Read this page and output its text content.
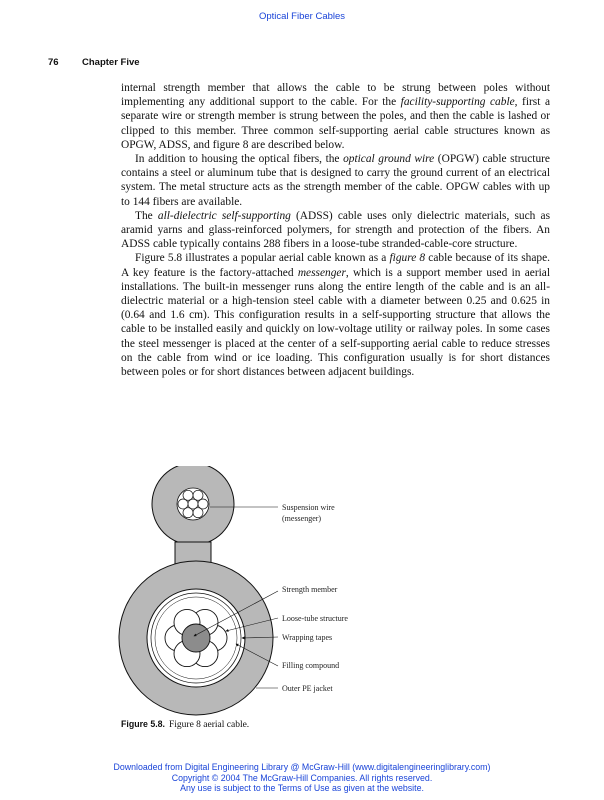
Optical Fiber Cables
76 Chapter Five

internal strength member that allows the cable to be strung between poles without implementing any additional support to the cable. For the facility-supporting cable, first a separate wire or strength member is strung between the poles, and then the cable is lashed or clipped to this member. Three common self-supporting aerial cable structures known as OPGW, ADSS, and figure 8 are described below.

In addition to housing the optical fibers, the optical ground wire (OPGW) cable structure contains a steel or aluminum tube that is designed to carry the ground current of an electrical system. The metal structure acts as the strength member of the cable. OPGW cables with up to 144 fibers are available.

The all-dielectric self-supporting (ADSS) cable uses only dielectric materials, such as aramid yarns and glass-reinforced polymers, for strength and protection of the fibers. An ADSS cable typically contains 288 fibers in a loose-tube stranded-cable-core structure.

Figure 5.8 illustrates a popular aerial cable known as a figure 8 cable because of its shape. A key feature is the factory-attached messenger, which is a support member used in aerial installations. The built-in messenger runs along the entire length of the cable and is an all-dielectric material or a high-tension steel cable with a diameter between 0.25 and 0.625 in (0.64 and 1.6 cm). This configuration results in a self-supporting structure that allows the cable to be installed easily and quickly on low-voltage utility or railway poles. In some cases the steel messenger is placed at the center of a self-supporting aerial cable to reduce stresses on the cable from wind or ice loading. This configuration usually is for short distances between poles or for short distances between adjacent buildings.

Suspension wire
(messenger)
Strength member
Loose-tube structure
Wrapping tapes
Filling compound
Outer PE jacket
Figure 5.8. Figure 8 aerial cable.
Downloaded from Digital Engineering Library @ McGraw-Hill (www.digitalengineeringlibrary.com)
Copyright © 2004 The McGraw-Hill Companies. All rights reserved.
Any use is subject to the Terms of Use as given at the website.
